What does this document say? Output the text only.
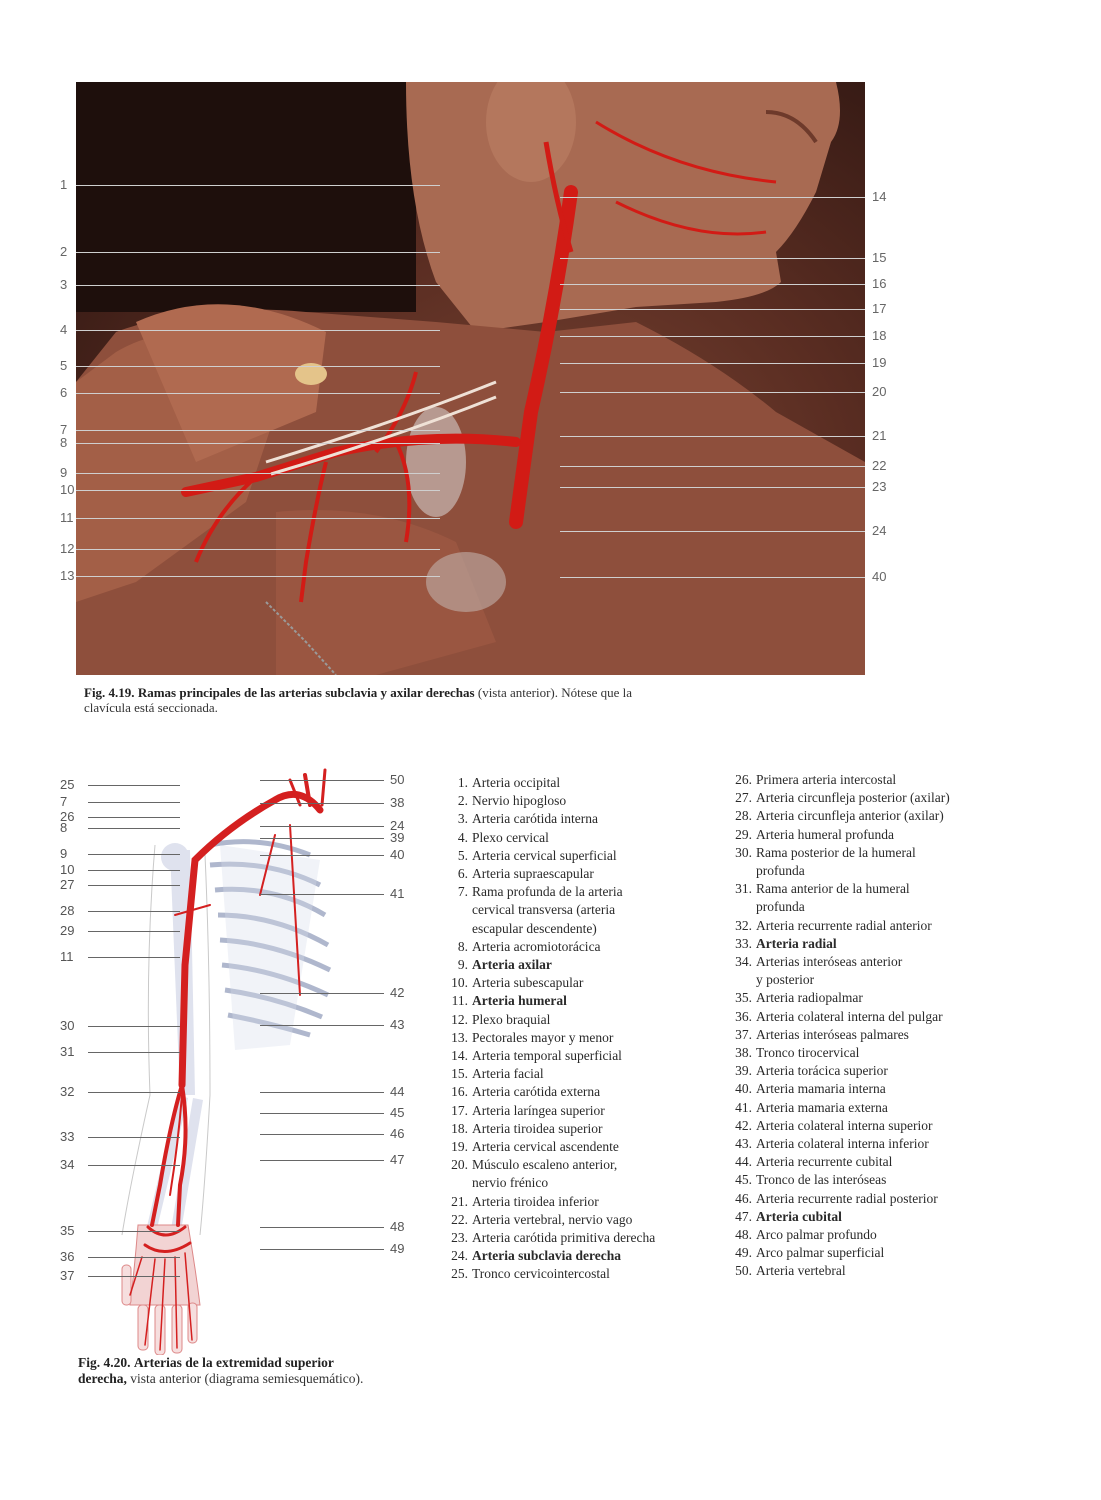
1
2
3
4
5
6
7
8
9
10
11
12
13
14
15
16
17
18
19
20
21
22
23
24
40
Fig. 4.19. Ramas principales de las arterias subclavia y axilar derechas (vista anterior). Nótese que la clavícula está seccionada.
25
7
26
8
9
10
27
28
29
11
30
31
32
33
34
35
36
37
50
38
24
39
40
41
42
43
44
45
46
47
48
49
Fig. 4.20. Arterias de la extremidad superior derecha, vista anterior (diagrama semiesquemático).
1. Arteria occipital
2. Nervio hipogloso
3. Arteria carótida interna
4. Plexo cervical
5. Arteria cervical superficial
6. Arteria supraescapular
7. Rama profunda de la arteria
cervical transversa (arteria
escapular descendente)
8. Arteria acromiotorácica
9. Arteria axilar
10. Arteria subescapular
11. Arteria humeral
12. Plexo braquial
13. Pectorales mayor y menor
14. Arteria temporal superficial
15. Arteria facial
16. Arteria carótida externa
17. Arteria laríngea superior
18. Arteria tiroidea superior
19. Arteria cervical ascendente
20. Músculo escaleno anterior,
nervio frénico
21. Arteria tiroidea inferior
22. Arteria vertebral, nervio vago
23. Arteria carótida primitiva derecha
24. Arteria subclavia derecha
25. Tronco cervicointercostal
26. Primera arteria intercostal
27. Arteria circunfleja posterior (axilar)
28. Arteria circunfleja anterior (axilar)
29. Arteria humeral profunda
30. Rama posterior de la humeral
profunda
31. Rama anterior de la humeral
profunda
32. Arteria recurrente radial anterior
33. Arteria radial
34. Arterias interóseas anterior
y posterior
35. Arteria radiopalmar
36. Arteria colateral interna del pulgar
37. Arterias interóseas palmares
38. Tronco tirocervical
39. Arteria torácica superior
40. Arteria mamaria interna
41. Arteria mamaria externa
42. Arteria colateral interna superior
43. Arteria colateral interna inferior
44. Arteria recurrente cubital
45. Tronco de las interóseas
46. Arteria recurrente radial posterior
47. Arteria cubital
48. Arco palmar profundo
49. Arco palmar superficial
50. Arteria vertebral
